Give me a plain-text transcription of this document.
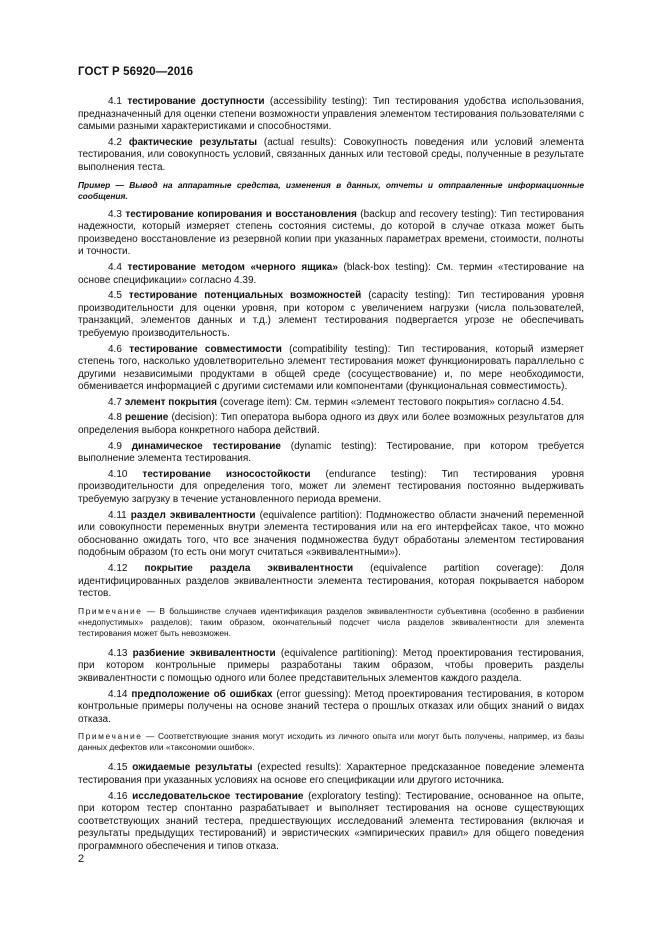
ГОСТ Р 56920—2016

4.1 тестирование доступности (accessibility testing): Тип тестирования удобства использования, предназначенный для оценки степени возможности управления элементом тестирования пользователями с самыми разными характеристиками и способностями.

4.2 фактические результаты (actual results): Совокупность поведения или условий элемента тестирования, или совокупность условий, связанных данных или тестовой среды, полученные в результате выполнения теста.

Пример — Вывод на аппаратные средства, изменения в данных, отчеты и отправленные информационные сообщения.

4.3 тестирование копирования и восстановления (backup and recovery testing): Тип тестирования надежности, который измеряет степень состояния системы, до которой в случае отказа может быть произведено восстановление из резервной копии при указанных параметрах времени, стоимости, полноты и точности.

4.4 тестирование методом «черного ящика» (black-box testing): См. термин «тестирование на основе спецификации» согласно 4.39.

4.5 тестирование потенциальных возможностей (capacity testing): Тип тестирования уровня производительности для оценки уровня, при котором с увеличением нагрузки (числа пользователей, транзакций, элементов данных и т.д.) элемент тестирования подвергается угрозе не обеспечивать требуемую производительность.

4.6 тестирование совместимости (compatibility testing): Тип тестирования, который измеряет степень того, насколько удовлетворительно элемент тестирования может функционировать параллельно с другими независимыми продуктами в общей среде (сосуществование) и, по мере необходимости, обменивается информацией с другими системами или компонентами (функциональная совместимость).

4.7 элемент покрытия (coverage item): См. термин «элемент тестового покрытия» согласно 4.54.

4.8 решение (decision): Тип оператора выбора одного из двух или более возможных результатов для определения выбора конкретного набора действий.

4.9 динамическое тестирование (dynamic testing): Тестирование, при котором требуется выполнение элемента тестирования.

4.10 тестирование износостойкости (endurance testing): Тип тестирования уровня производительности для определения того, может ли элемент тестирования постоянно выдерживать требуемую загрузку в течение установленного периода времени.

4.11 раздел эквивалентности (equivalence partition): Подмножество области значений переменной или совокупности переменных внутри элемента тестирования или на его интерфейсах такое, что можно обоснованно ожидать того, что все значения подмножества будут обработаны элементом тестирования подобным образом (то есть они могут считаться «эквивалентными»).

4.12 покрытие раздела эквивалентности (equivalence partition coverage): Доля идентифицированных разделов эквивалентности элемента тестирования, которая покрывается набором тестов.

Примечание — В большинстве случаев идентификация разделов эквивалентности субъективна (особенно в разбиении «недопустимых» разделов); таким образом, окончательный подсчет числа разделов эквивалентности для элемента тестирования может быть невозможен.

4.13 разбиение эквивалентности (equivalence partitioning): Метод проектирования тестирования, при котором контрольные примеры разработаны таким образом, чтобы проверить разделы эквивалентности с помощью одного или более представительных элементов каждого раздела.

4.14 предположение об ошибках (error guessing): Метод проектирования тестирования, в котором контрольные примеры получены на основе знаний тестера о прошлых отказах или общих знаний о видах отказа.

Примечание — Соответствующие знания могут исходить из личного опыта или могут быть получены, например, из базы данных дефектов или «таксономии ошибок».

4.15 ожидаемые результаты (expected results): Характерное предсказанное поведение элемента тестирования при указанных условиях на основе его спецификации или другого источника.

4.16 исследовательское тестирование (exploratory testing): Тестирование, основанное на опыте, при котором тестер спонтанно разрабатывает и выполняет тестирования на основе существующих соответствующих знаний тестера, предшествующих исследований элемента тестирования (включая и результаты предыдущих тестирований) и эвристических «эмпирических правил» для общего поведения программного обеспечения и типов отказа.

2
